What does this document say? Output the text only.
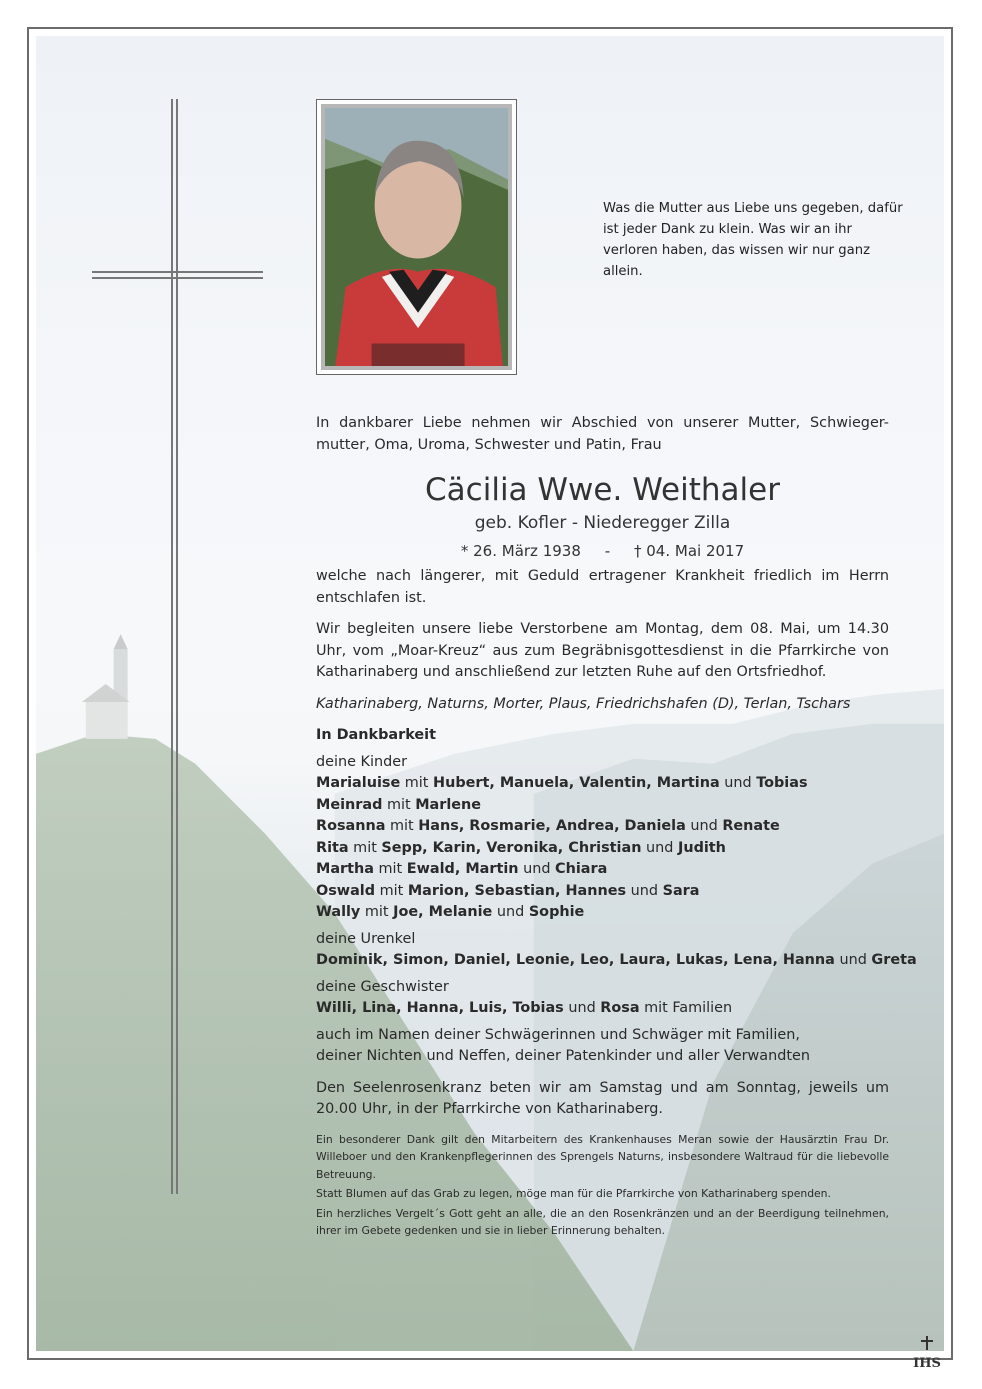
Was die Mutter aus Liebe uns gegeben, dafür ist jeder Dank zu klein. Was wir an ihr verloren haben, das wissen wir nur ganz allein.

In dankbarer Liebe nehmen wir Abschied von unserer Mutter, Schwieger-mutter, Oma, Uroma, Schwester und Patin, Frau

Cäcilia Wwe. Weithaler

geb. Kofler - Niederegger Zilla

* 26. März 1938 - † 04. Mai 2017

welche nach längerer, mit Geduld ertragener Krankheit friedlich im Herrn entschlafen ist.

Wir begleiten unsere liebe Verstorbene am Montag, dem 08. Mai, um 14.30 Uhr, vom „Moar-Kreuz“ aus zum Begräbnisgottesdienst in die Pfarrkirche von Katharinaberg und anschließend zur letzten Ruhe auf den Ortsfriedhof.

Katharinaberg, Naturns, Morter, Plaus, Friedrichshafen (D), Terlan, Tschars

In Dankbarkeit

deine Kinder

Marialuise mit Hubert, Manuela, Valentin, Martina und Tobias

Meinrad mit Marlene

Rosanna mit Hans, Rosmarie, Andrea, Daniela und Renate

Rita mit Sepp, Karin, Veronika, Christian und Judith

Martha mit Ewald, Martin und Chiara

Oswald mit Marion, Sebastian, Hannes und Sara

Wally mit Joe, Melanie und Sophie

deine Urenkel

Dominik, Simon, Daniel, Leonie, Leo, Laura, Lukas, Lena, Hanna und Greta

deine Geschwister

Willi, Lina, Hanna, Luis, Tobias und Rosa mit Familien

auch im Namen deiner Schwägerinnen und Schwäger mit Familien,

deiner Nichten und Neffen, deiner Patenkinder und aller Verwandten

Den Seelenrosenkranz beten wir am Samstag und am Sonntag, jeweils um 20.00 Uhr, in der Pfarrkirche von Katharinaberg.

Ein besonderer Dank gilt den Mitarbeitern des Krankenhauses Meran sowie der Hausärztin Frau Dr. Willeboer und den Krankenpflegerinnen des Sprengels Naturns, insbesondere Waltraud für die liebevolle Betreuung.

Statt Blumen auf das Grab zu legen, möge man für die Pfarrkirche von Katharinaberg spenden.

Ein herzliches Vergelt´s Gott geht an alle, die an den Rosenkränzen und an der Beerdigung teilnehmen, ihrer im Gebete gedenken und sie in lieber Erinnerung behalten.

IHS
